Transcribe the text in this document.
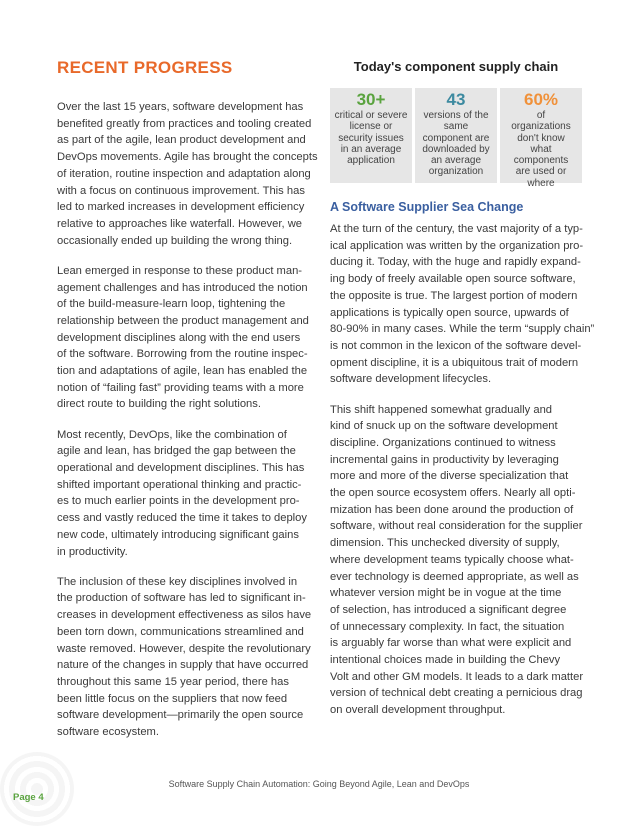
RECENT PROGRESS

Over the last 15 years, software development has
benefited greatly from practices and tooling created
as part of the agile, lean product development and
DevOps movements. Agile has brought the concepts
of iteration, routine inspection and adaptation along
with a focus on continuous improvement. This has
led to marked increases in development efficiency
relative to approaches like waterfall. However, we
occasionally ended up building the wrong thing.

Lean emerged in response to these product man-
agement challenges and has introduced the notion
of the build-measure-learn loop, tightening the
relationship between the product management and
development disciplines along with the end users
of the software. Borrowing from the routine inspec-
tion and adaptations of agile, lean has enabled the
notion of “failing fast” providing teams with a more
direct route to building the right solutions.

Most recently, DevOps, like the combination of
agile and lean, has bridged the gap between the
operational and development disciplines. This has
shifted important operational thinking and practic-
es to much earlier points in the development pro-
cess and vastly reduced the time it takes to deploy
new code, ultimately introducing significant gains
in productivity.

The inclusion of these key disciplines involved in
the production of software has led to significant in-
creases in development effectiveness as silos have
been torn down, communications streamlined and
waste removed. However, despite the revolutionary
nature of the changes in supply that have occurred
throughout this same 15 year period, there has
been little focus on the suppliers that now feed
software development—primarily the open source
software ecosystem.

Today's component supply chain
30+
critical or severe license or security issues in an average application
43
versions of the same component are downloaded by an average organization
60%
of organizations don't know what components are used or where
A Software Supplier Sea Change

At the turn of the century, the vast majority of a typ-
ical application was written by the organization pro-
ducing it. Today, with the huge and rapidly expand-
ing body of freely available open source software,
the opposite is true. The largest portion of modern
applications is typically open source, upwards of
80-90% in many cases. While the term “supply chain”
is not common in the lexicon of the software devel-
opment discipline, it is a ubiquitous trait of modern
software development lifecycles.

This shift happened somewhat gradually and
kind of snuck up on the software development
discipline. Organizations continued to witness
incremental gains in productivity by leveraging
more and more of the diverse specialization that
the open source ecosystem offers. Nearly all opti-
mization has been done around the production of
software, without real consideration for the supplier
dimension. This unchecked diversity of supply,
where development teams typically choose what-
ever technology is deemed appropriate, as well as
whatever version might be in vogue at the time
of selection, has introduced a significant degree
of unnecessary complexity. In fact, the situation
is arguably far worse than what were explicit and
intentional choices made in building the Chevy
Volt and other GM models. It leads to a dark matter
version of technical debt creating a pernicious drag
on overall development throughput.

Software Supply Chain Automation: Going Beyond Agile, Lean and DevOps
Page 4
